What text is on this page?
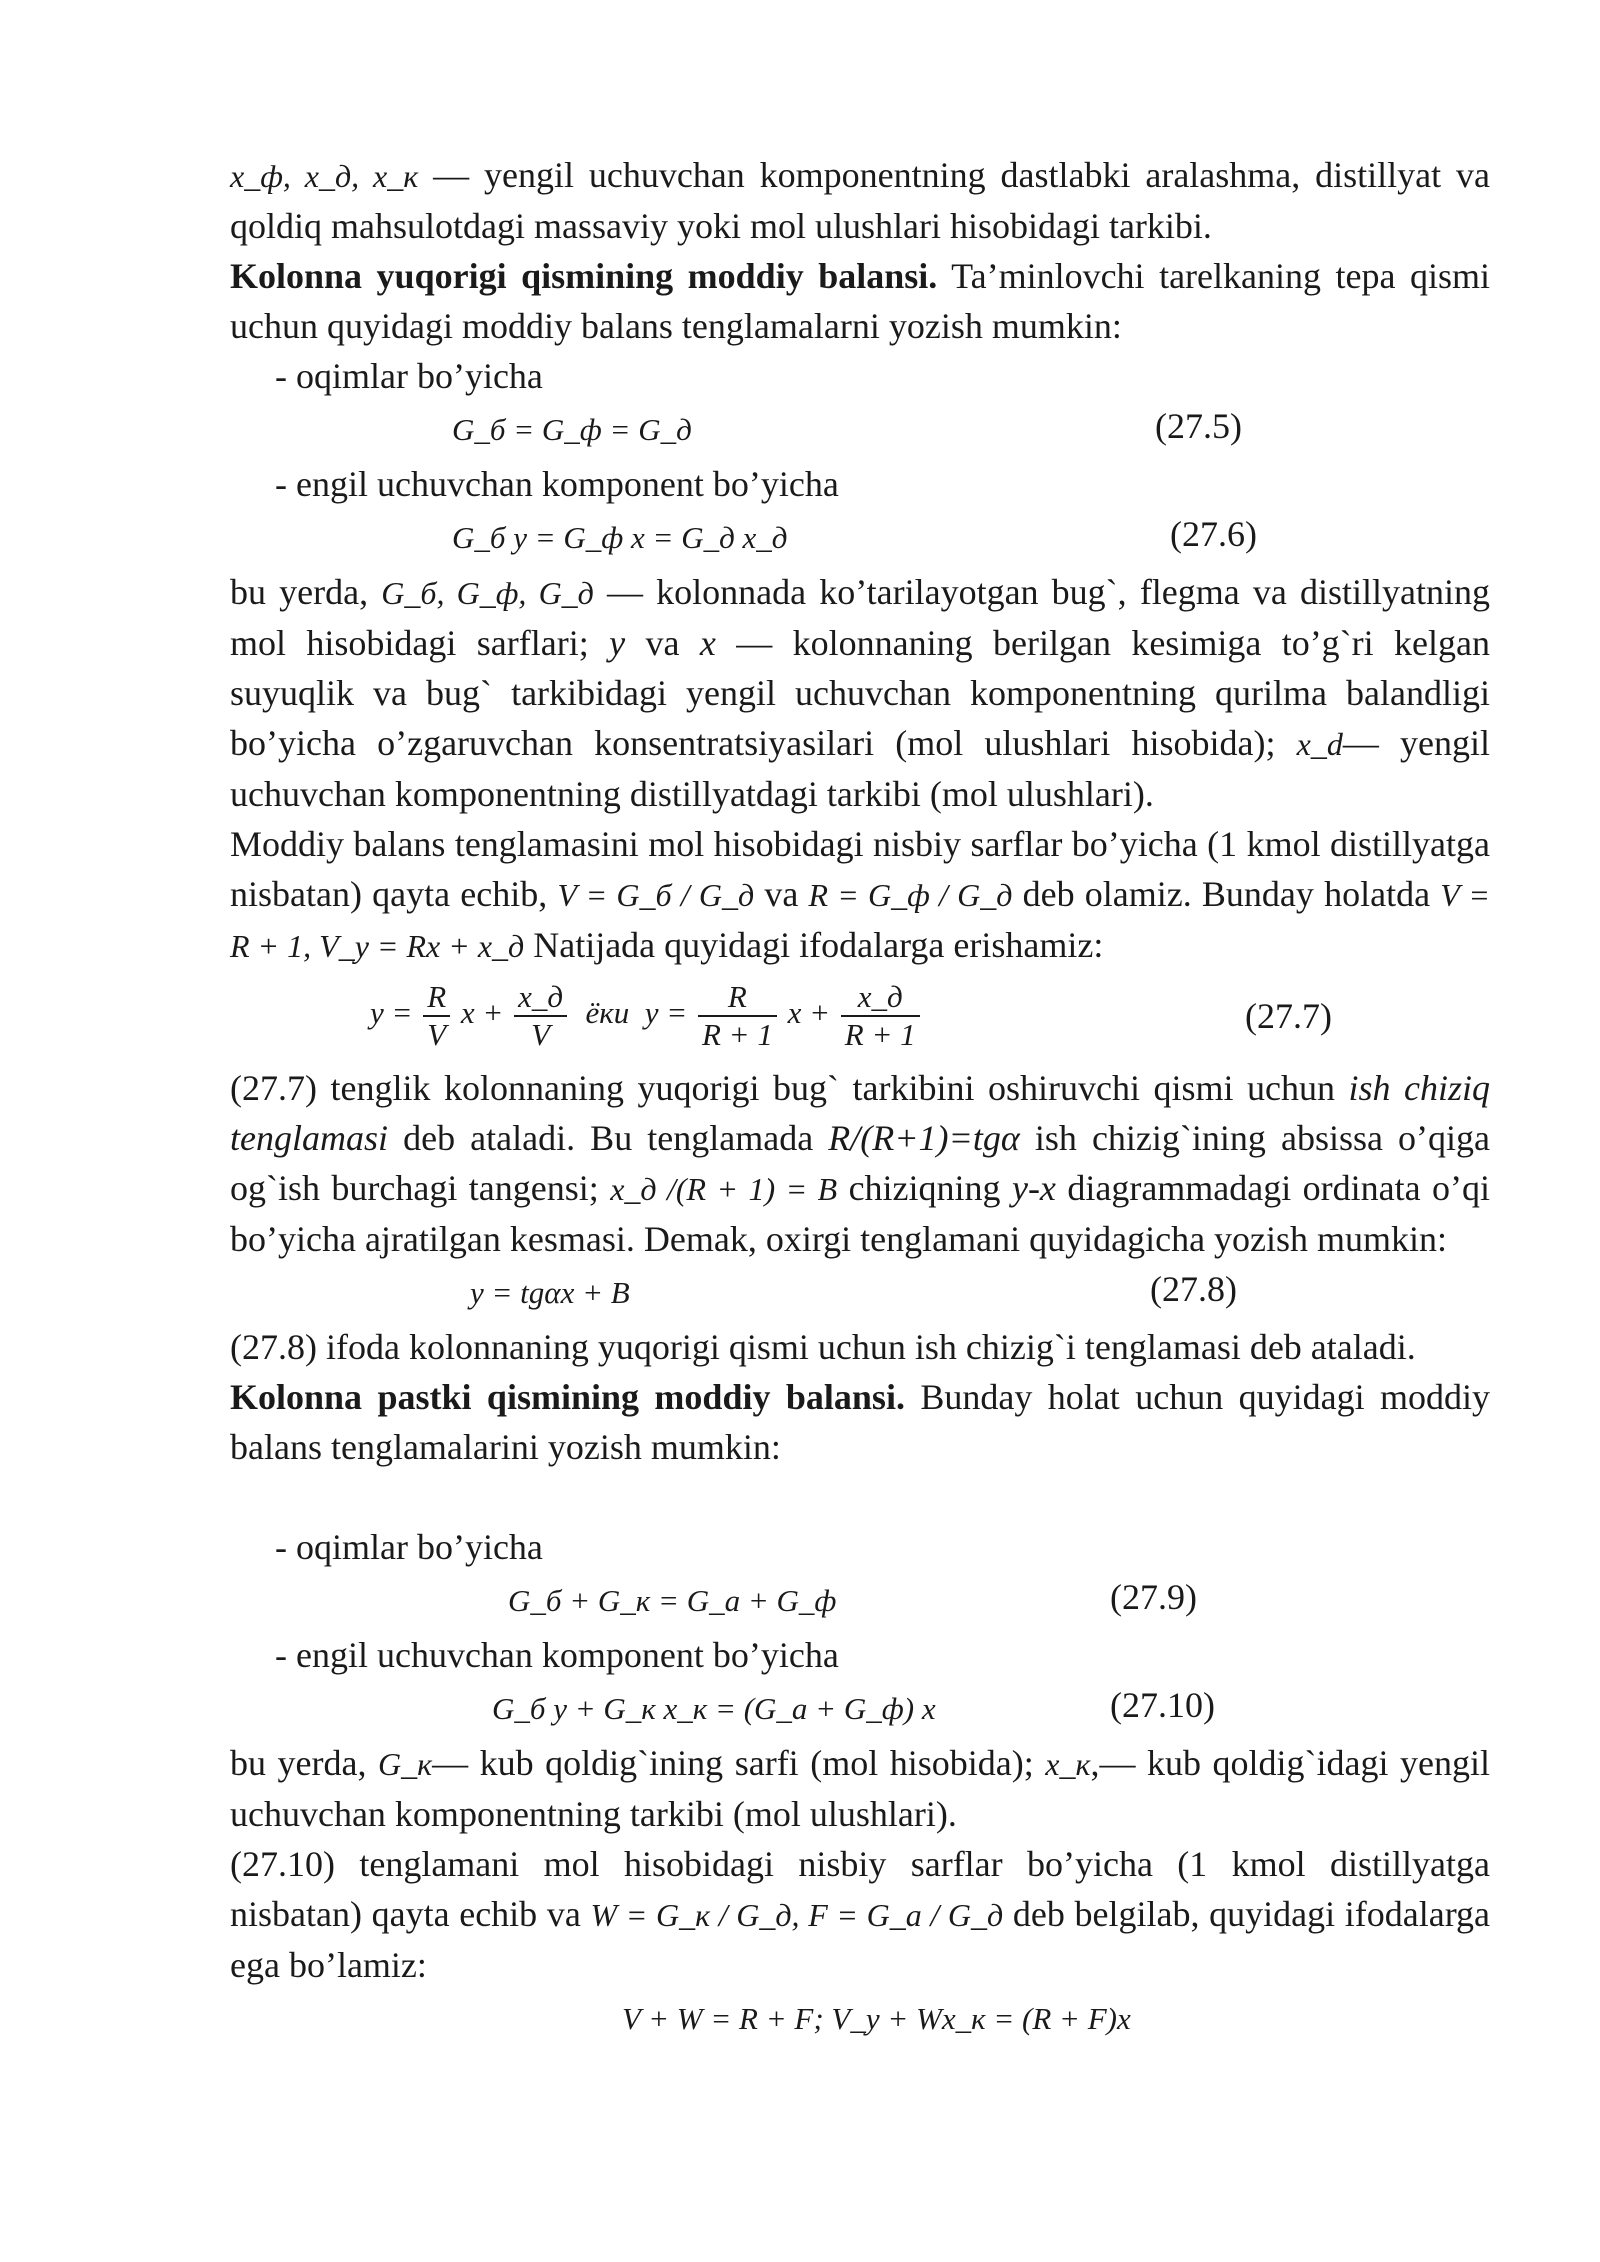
x_ф, x_д, x_к — yengil uchuvchan komponentning dastlabki aralashma, distillyat va qoldiq mahsulotdagi massaviy yoki mol ulushlari hisobidagi tarkibi.

Kolonna yuqorigi qismining moddiy balansi. Ta’minlovchi tarelkaning tepa qismi uchun quyidagi moddiy balans tenglamalarni yozish mumkin:

- oqimlar bo’yicha

G_б = G_ф = G_д	(27.5)

- engil uchuvchan komponent bo’yicha

G_б y = G_ф x = G_д x_д	(27.6)

bu yerda, G_б, G_ф, G_д — kolonnada ko’tarilayotgan bug`, flegma va distillyatning mol hisobidagi sarflari; y va x — kolonnaning berilgan kesimiga to’g`ri kelgan suyuqlik va bug` tarkibidagi yengil uchuvchan komponentning qurilma balandligi bo’yicha o’zgaruvchan konsentratsiyasilari (mol ulushlari hisobida); x_d— yengil uchuvchan komponentning distillyatdagi tarkibi (mol ulushlari).

Moddiy balans tenglamasini mol hisobidagi nisbiy sarflar bo’yicha (1 kmol distillyatga nisbatan) qayta echib, V = G_б / G_д va R = G_ф / G_д deb olamiz. Bunday holatda V = R + 1, V_y = Rx + x_д Natijada quyidagi ifodalarga erishamiz:

$y = \frac{R}{V}$ $x + \frac{x\_д}{V}$ ёки $y = \frac{R}{R + 1}$ $x + \frac{x\_д}{R + 1}$	(27.7)

(27.7) tenglik kolonnaning yuqorigi bug` tarkibini oshiruvchi qismi uchun ish chiziq tenglamasi deb ataladi. Bu tenglamada R/(R+1)=tgα ish chizig`ining absissa o’qiga og`ish burchagi tangensi; x_д /(R + 1) = B chiziqning y-x diagrammadagi ordinata o’qi bo’yicha ajratilgan kesmasi. Demak, oxirgi tenglamani quyidagicha yozish mumkin:

y = tgαx + B	(27.8)

(27.8) ifoda kolonnaning yuqorigi qismi uchun ish chizig`i tenglamasi deb ataladi.

Kolonna pastki qismining moddiy balansi. Bunday holat uchun quyidagi moddiy balans tenglamalarini yozish mumkin:

- oqimlar bo’yicha

G_б + G_к = G_а + G_ф	(27.9)

- engil uchuvchan komponent bo’yicha

G_б y + G_к x_к = (G_а + G_ф) x	(27.10)

bu yerda, G_к— kub qoldig`ining sarfi (mol hisobida); x_к,— kub qoldig`idagi yengil uchuvchan komponentning tarkibi (mol ulushlari).

(27.10) tenglamani mol hisobidagi nisbiy sarflar bo’yicha (1 kmol distillyatga nisbatan) qayta echib va W = G_к / G_д, F = G_а / G_д deb belgilab, quyidagi ifodalarga ega bo’lamiz:

V + W = R + F; V_y + Wx_к = (R + F)x
